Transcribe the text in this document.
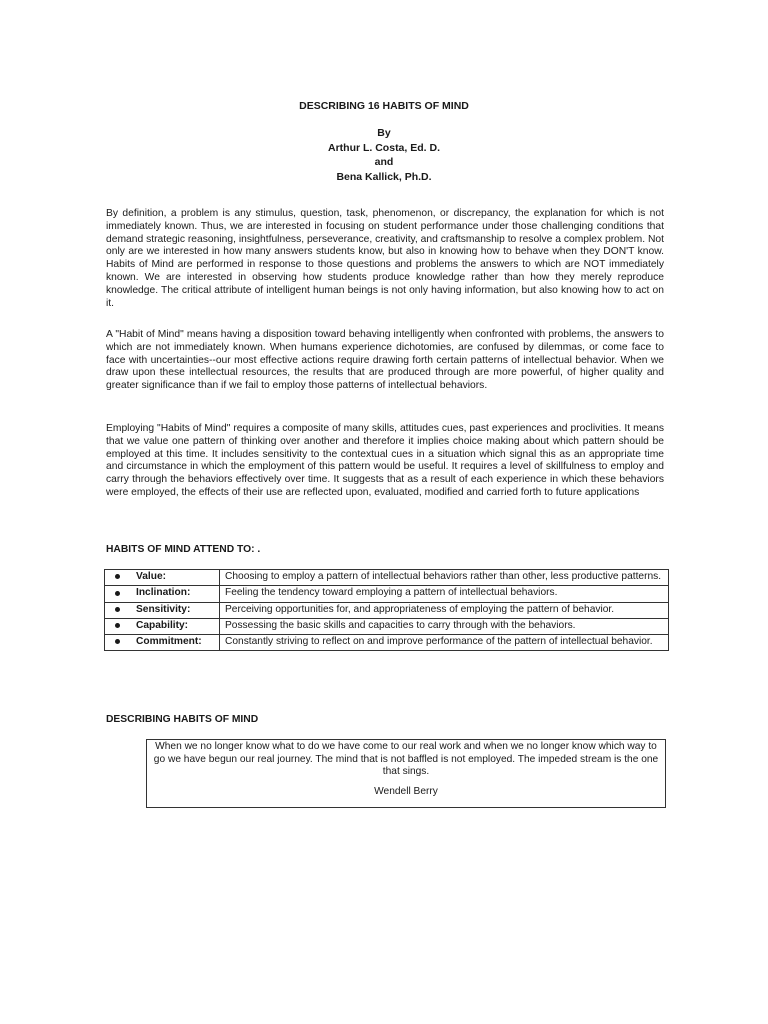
DESCRIBING 16 HABITS OF MIND
By
Arthur L. Costa, Ed. D.
and
Bena Kallick, Ph.D.

By definition, a problem is any stimulus, question, task, phenomenon, or discrepancy, the explanation for which is not immediately known. Thus, we are interested in focusing on student performance under those challenging conditions that demand strategic reasoning, insightfulness, perseverance, creativity, and craftsmanship to resolve a complex problem. Not only are we interested in how many answers students know, but also in knowing how to behave when they DON'T know. Habits of Mind are performed in response to those questions and problems the answers to which are NOT immediately known. We are interested in observing how students produce knowledge rather than how they merely reproduce knowledge. The critical attribute of intelligent human beings is not only having information, but also knowing how to act on it.

A "Habit of Mind" means having a disposition toward behaving intelligently when confronted with problems, the answers to which are not immediately known. When humans experience dichotomies, are confused by dilemmas, or come face to face with uncertainties--our most effective actions require drawing forth certain patterns of intellectual behavior. When we draw upon these intellectual resources, the results that are produced through are more powerful, of higher quality and greater significance than if we fail to employ those patterns of intellectual behaviors.

Employing "Habits of Mind" requires a composite of many skills, attitudes cues, past experiences and proclivities. It means that we value one pattern of thinking over another and therefore it implies choice making about which pattern should be employed at this time. It includes sensitivity to the contextual cues in a situation which signal this as an appropriate time and circumstance in which the employment of this pattern would be useful. It requires a level of skillfulness to employ and carry through the behaviors effectively over time. It suggests that as a result of each experience in which these behaviors were employed, the effects of their use are reflected upon, evaluated, modified and carried forth to future applications

HABITS OF MIND ATTEND TO: .
Value:	Choosing to employ a pattern of intellectual behaviors rather than other, less productive patterns.
Inclination:	Feeling the tendency toward employing a pattern of intellectual behaviors.
Sensitivity:	Perceiving opportunities for, and appropriateness of employing the pattern of behavior.
Capability:	Possessing the basic skills and capacities to carry through with the behaviors.
Commitment:	Constantly striving to reflect on and improve performance of the pattern of intellectual behavior.
DESCRIBING HABITS OF MIND

When we no longer know what to do we have come to our real work and when we no longer know which way to go we have begun our real journey. The mind that is not baffled is not employed. The impeded stream is the one that sings.

Wendell Berry
